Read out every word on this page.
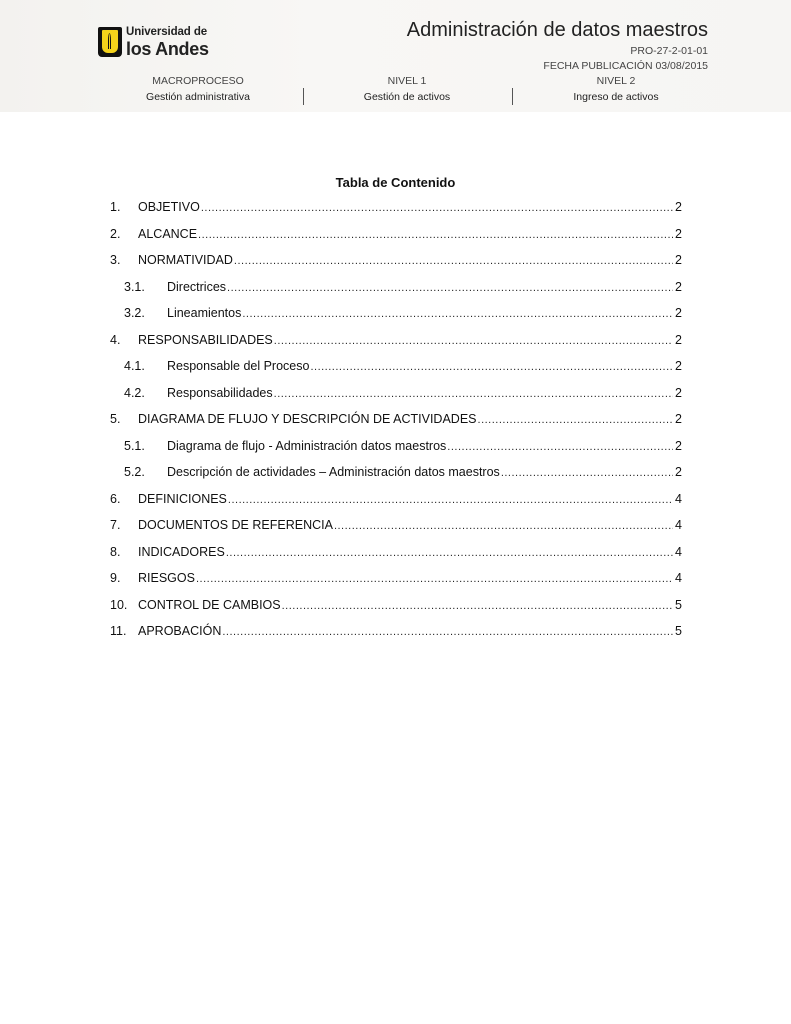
Universidad de
los Andes
Administración de datos maestros
PRO-27-2-01-01
FECHA PUBLICACIÓN 03/08/2015
MACROPROCESO
Gestión administrativa
NIVEL 1
Gestión de activos
NIVEL 2
Ingreso de activos
Tabla de Contenido
1.	OBJETIVO .....	2
2.	ALCANCE .....	2
3.	NORMATIVIDAD .....	2
3.1.	Directrices .....	2
3.2.	Lineamientos .....	2
4.	RESPONSABILIDADES .....	2
4.1.	Responsable del Proceso .....	2
4.2.	Responsabilidades .....	2
5.	DIAGRAMA DE FLUJO Y DESCRIPCIÓN DE ACTIVIDADES .....	2
5.1.	Diagrama de flujo - Administración datos maestros .....	2
5.2.	Descripción de actividades – Administración datos maestros .....	2
6.	DEFINICIONES .....	4
7.	DOCUMENTOS DE REFERENCIA .....	4
8.	INDICADORES .....	4
9.	RIESGOS .....	4
10. CONTROL DE CAMBIOS .....	5
11. APROBACIÓN .....	5
